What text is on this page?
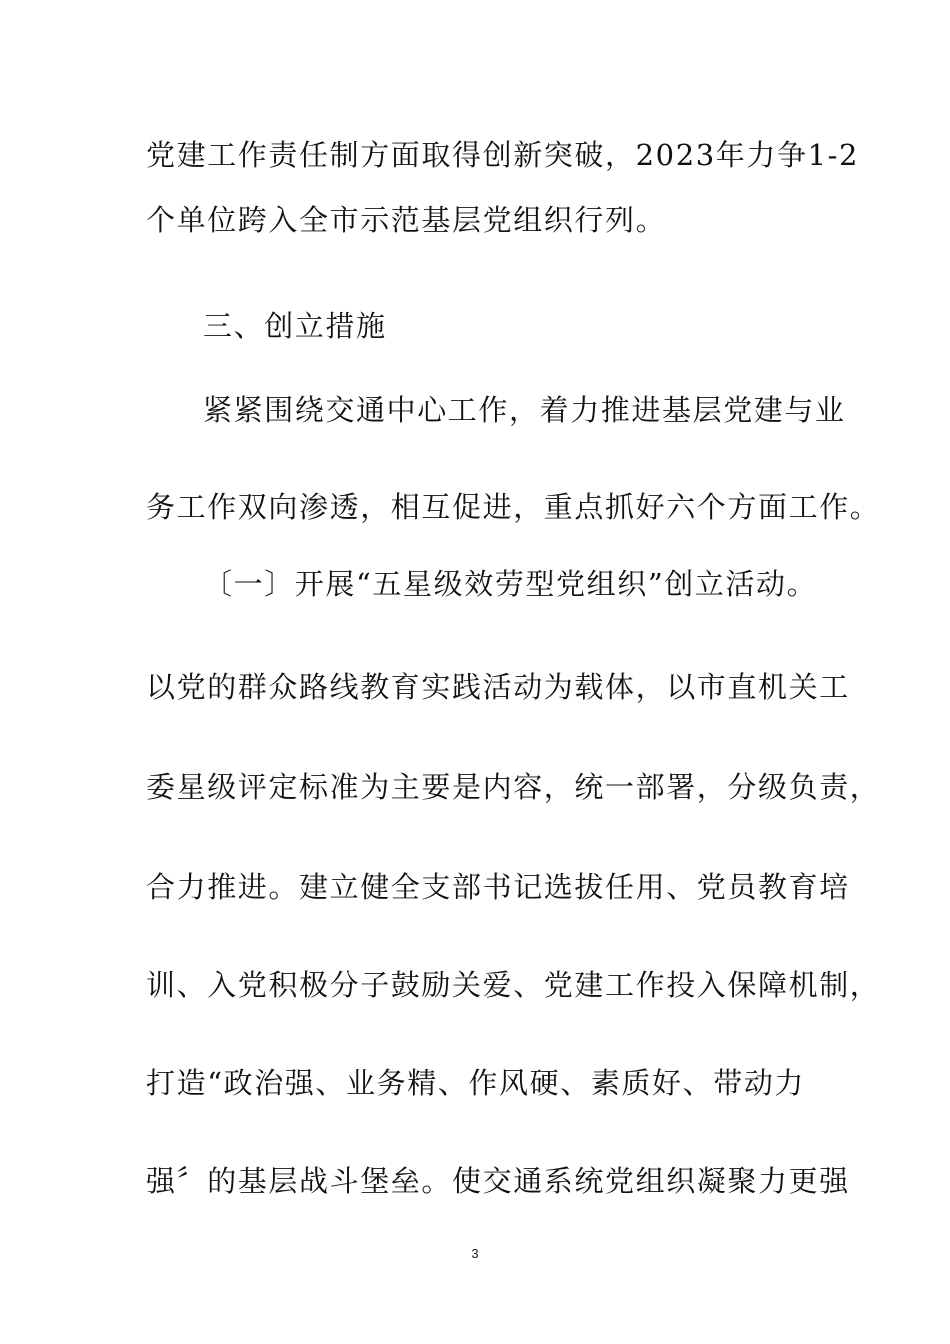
党建工作责任制方面取得创新突破，2023年力争1-2
个单位跨入全市示范基层党组织行列。
三、创立措施
紧紧围绕交通中心工作，着力推进基层党建与业
务工作双向渗透，相互促进，重点抓好六个方面工作。
〔一〕开展“五星级效劳型党组织”创立活动。
以党的群众路线教育实践活动为载体，以市直机关工
委星级评定标准为主要是内容，统一部署，分级负责，
合力推进。建立健全支部书记选拔任用、党员教育培
训、入党积极分子鼓励关爱、党建工作投入保障机制，
打造“政治强、业务精、作风硬、素质好、带动力
强〞的基层战斗堡垒。使交通系统党组织凝聚力更强
3
